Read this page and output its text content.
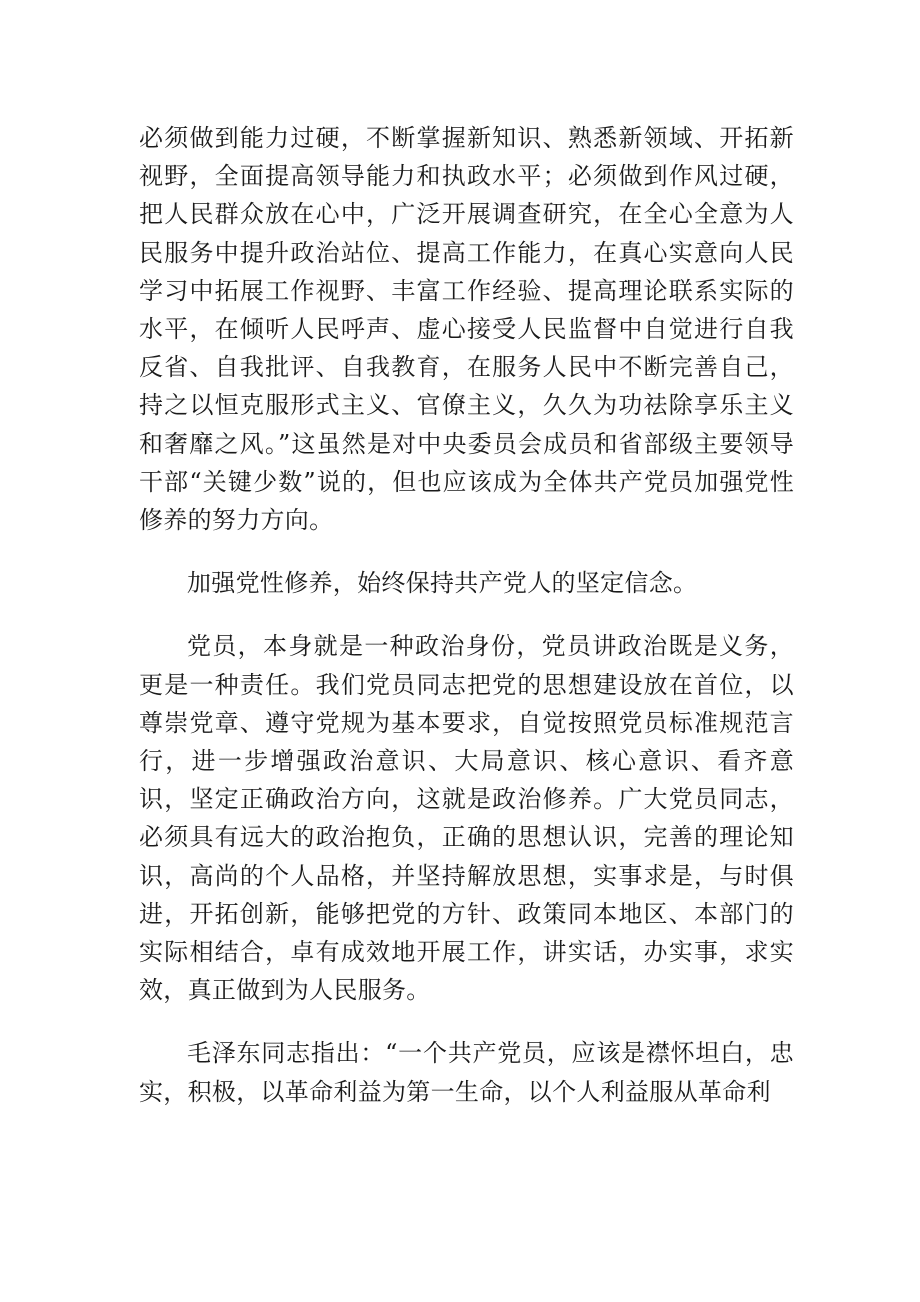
必须做到能力过硬，不断掌握新知识、熟悉新领域、开拓新视野，全面提高领导能力和执政水平；必须做到作风过硬，把人民群众放在心中，广泛开展调查研究，在全心全意为人民服务中提升政治站位、提高工作能力，在真心实意向人民学习中拓展工作视野、丰富工作经验、提高理论联系实际的水平，在倾听人民呼声、虚心接受人民监督中自觉进行自我反省、自我批评、自我教育，在服务人民中不断完善自己，持之以恒克服形式主义、官僚主义，久久为功祛除享乐主义和奢靡之风。”这虽然是对中央委员会成员和省部级主要领导干部“关键少数”说的，但也应该成为全体共产党员加强党性修养的努力方向。

加强党性修养，始终保持共产党人的坚定信念。

党员，本身就是一种政治身份，党员讲政治既是义务，更是一种责任。我们党员同志把党的思想建设放在首位，以尊崇党章、遵守党规为基本要求，自觉按照党员标准规范言行，进一步增强政治意识、大局意识、核心意识、看齐意识，坚定正确政治方向，这就是政治修养。广大党员同志，必须具有远大的政治抱负，正确的思想认识，完善的理论知识，高尚的个人品格，并坚持解放思想，实事求是，与时俱进，开拓创新，能够把党的方针、政策同本地区、本部门的实际相结合，卓有成效地开展工作，讲实话，办实事，求实效，真正做到为人民服务。

毛泽东同志指出：“一个共产党员，应该是襟怀坦白，忠实，积极，以革命利益为第一生命，以个人利益服从革命利
